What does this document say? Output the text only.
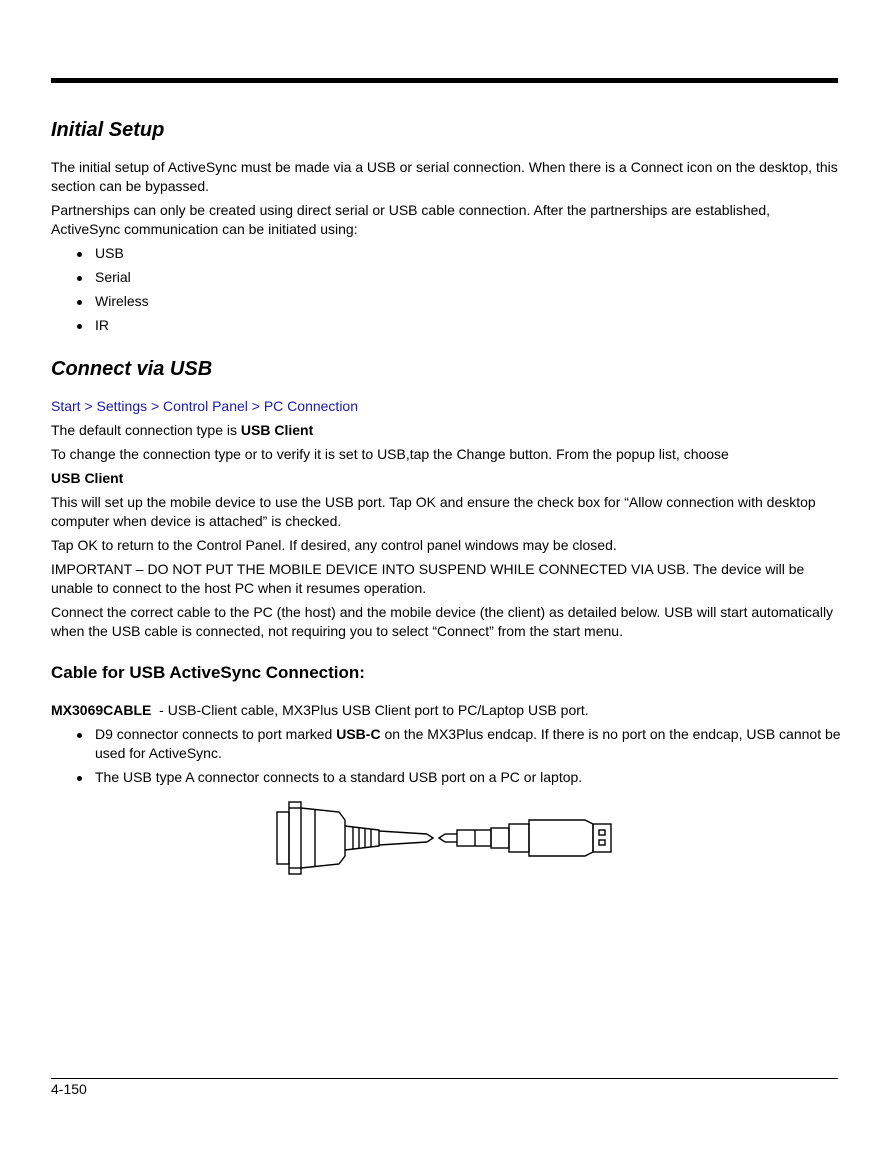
Initial Setup

The initial setup of ActiveSync must be made via a USB or serial connection. When there is a Connect icon on the desktop, this section can be bypassed.

Partnerships can only be created using direct serial or USB cable connection. After the partnerships are established, ActiveSync communication can be initiated using:

USB
Serial
Wireless
IR
Connect via USB

Start > Settings > Control Panel > PC Connection

The default connection type is USB Client

To change the connection type or to verify it is set to USB,tap the Change button. From the popup list, choose

USB Client

This will set up the mobile device to use the USB port. Tap OK and ensure the check box for “Allow connection with desktop computer when device is attached” is checked.

Tap OK to return to the Control Panel. If desired, any control panel windows may be closed.

IMPORTANT – DO NOT PUT THE MOBILE DEVICE INTO SUSPEND WHILE CONNECTED VIA USB. The device will be unable to connect to the host PC when it resumes operation.

Connect the correct cable to the PC (the host) and the mobile device (the client) as detailed below. USB will start automatically when the USB cable is connected, not requiring you to select “Connect” from the start menu.

Cable for USB ActiveSync Connection:

MX3069CABLE  - USB-Client cable, MX3Plus USB Client port to PC/Laptop USB port.

D9 connector connects to port marked USB-C on the MX3Plus endcap. If there is no port on the endcap, USB cannot be used for ActiveSync.
The USB type A connector connects to a standard USB port on a PC or laptop.
4-150
